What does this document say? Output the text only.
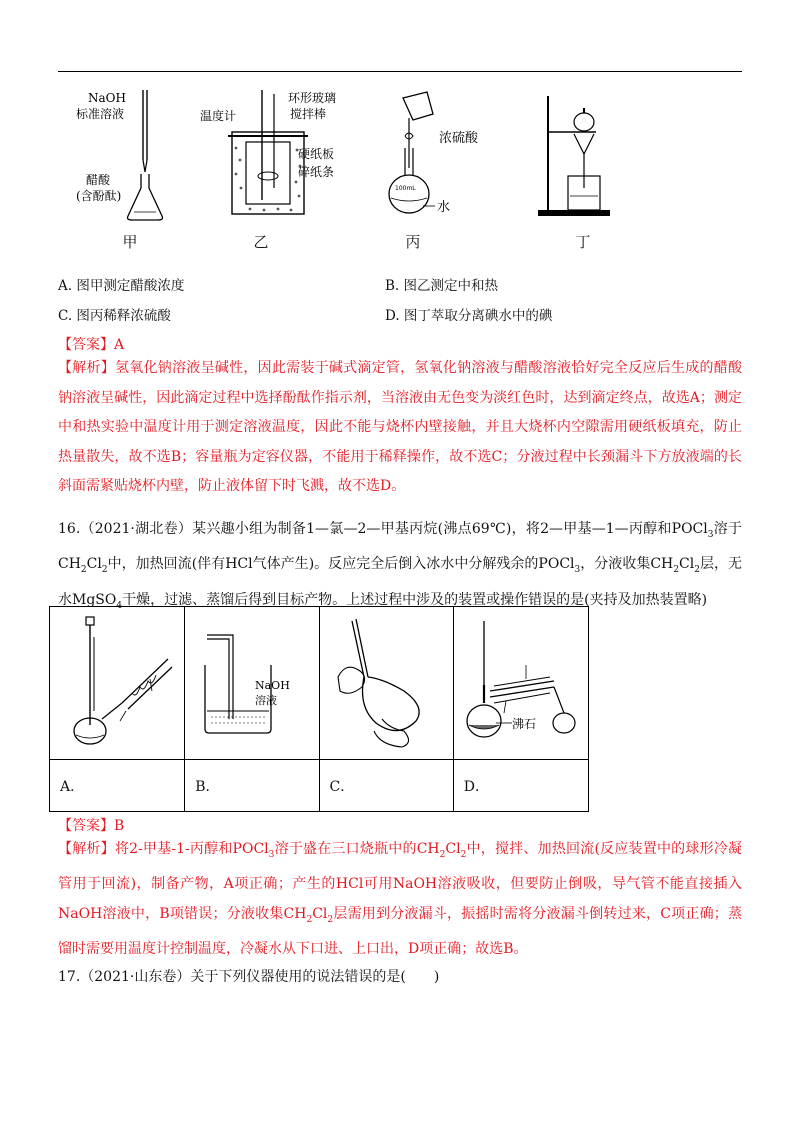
NaOH
标准溶液
醋酸
(含酚酞)
甲
温度计
环形玻璃
搅拌棒
硬纸板
碎纸条
乙
100mL
浓硫酸
水
丙	丁
A. 图甲测定醋酸浓度	B. 图乙测定中和热
C. 图丙稀释浓硫酸	D. 图丁萃取分离碘水中的碘
【答案】A
【解析】氢氧化钠溶液呈碱性，因此需装于碱式滴定管，氢氧化钠溶液与醋酸溶液恰好完全反应后生成的醋酸钠溶液呈碱性，因此滴定过程中选择酚酞作指示剂，当溶液由无色变为淡红色时，达到滴定终点，故选A；测定中和热实验中温度计用于测定溶液温度，因此不能与烧杯内壁接触，并且大烧杯内空隙需用硬纸板填充，防止热量散失，故不选B；容量瓶为定容仪器，不能用于稀释操作，故不选C；分液过程中长颈漏斗下方放液端的长斜面需紧贴烧杯内壁，防止液体留下时飞溅，故不选D。
16.（2021·湖北卷）某兴趣小组为制备1—氯—2—甲基丙烷(沸点69℃)，将2—甲基—1—丙醇和POCl$_3$溶于$CH_2Cl_2$中，加热回流(伴有HCl气体产生)。反应完全后倒入冰水中分解残余的POCl$_3$，分液收集$CH_2Cl_2$层，无水MgSO$_4$干燥，过滤、蒸馏后得到目标产物。上述过程中涉及的装置或操作错误的是(夹持及加热装置略)

NaOH
溶液		沸石

A．	B．	C．	D．
【答案】B
【解析】将2-甲基-1-丙醇和POCl$_3$溶于盛在三口烧瓶中的$CH_2Cl_2$中，搅拌、加热回流(反应装置中的球形冷凝管用于回流)，制备产物，A项正确；产生的HCl可用NaOH溶液吸收，但要防止倒吸，导气管不能直接插入NaOH溶液中，B项错误；分液收集$CH_2Cl_2$层需用到分液漏斗，振摇时需将分液漏斗倒转过来，C项正确；蒸馏时需要用温度计控制温度，冷凝水从下口进、上口出，D项正确；故选B。
17.（2021·山东卷）关于下列仪器使用的说法错误的是(　　)
